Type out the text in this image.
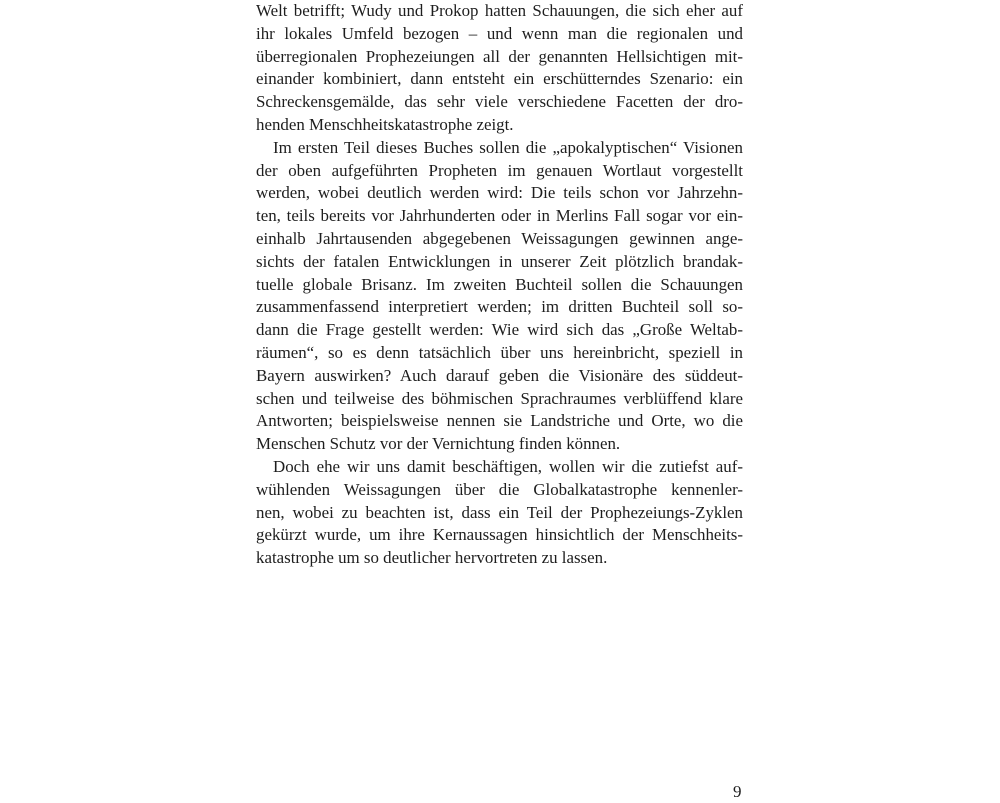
Welt betrifft; Wudy und Prokop hatten Schauungen, die sich eher auf
ihr lokales Umfeld bezogen – und wenn man die regionalen und
überregionalen Prophezeiungen all der genannten Hellsichtigen mit-
einander kombiniert, dann entsteht ein erschütterndes Szenario: ein
Schreckensgemälde, das sehr viele verschiedene Facetten der dro-
henden Menschheitskatastrophe zeigt.
Im ersten Teil dieses Buches sollen die „apokalyptischen“ Visionen
der oben aufgeführten Propheten im genauen Wortlaut vorgestellt
werden, wobei deutlich werden wird: Die teils schon vor Jahrzehn-
ten, teils bereits vor Jahrhunderten oder in Merlins Fall sogar vor ein-
einhalb Jahrtausenden abgegebenen Weissagungen gewinnen ange-
sichts der fatalen Entwicklungen in unserer Zeit plötzlich brandak-
tuelle globale Brisanz. Im zweiten Buchteil sollen die Schauungen
zusammenfassend interpretiert werden; im dritten Buchteil soll so-
dann die Frage gestellt werden: Wie wird sich das „Große Weltab-
räumen“, so es denn tatsächlich über uns hereinbricht, speziell in
Bayern auswirken? Auch darauf geben die Visionäre des süddeut-
schen und teilweise des böhmischen Sprachraumes verblüffend klare
Antworten; beispielsweise nennen sie Landstriche und Orte, wo die
Menschen Schutz vor der Vernichtung finden können.
Doch ehe wir uns damit beschäftigen, wollen wir die zutiefst auf-
wühlenden Weissagungen über die Globalkatastrophe kennenler-
nen, wobei zu beachten ist, dass ein Teil der Prophezeiungs-Zyklen
gekürzt wurde, um ihre Kernaussagen hinsichtlich der Menschheits-
katastrophe um so deutlicher hervortreten zu lassen.
9
